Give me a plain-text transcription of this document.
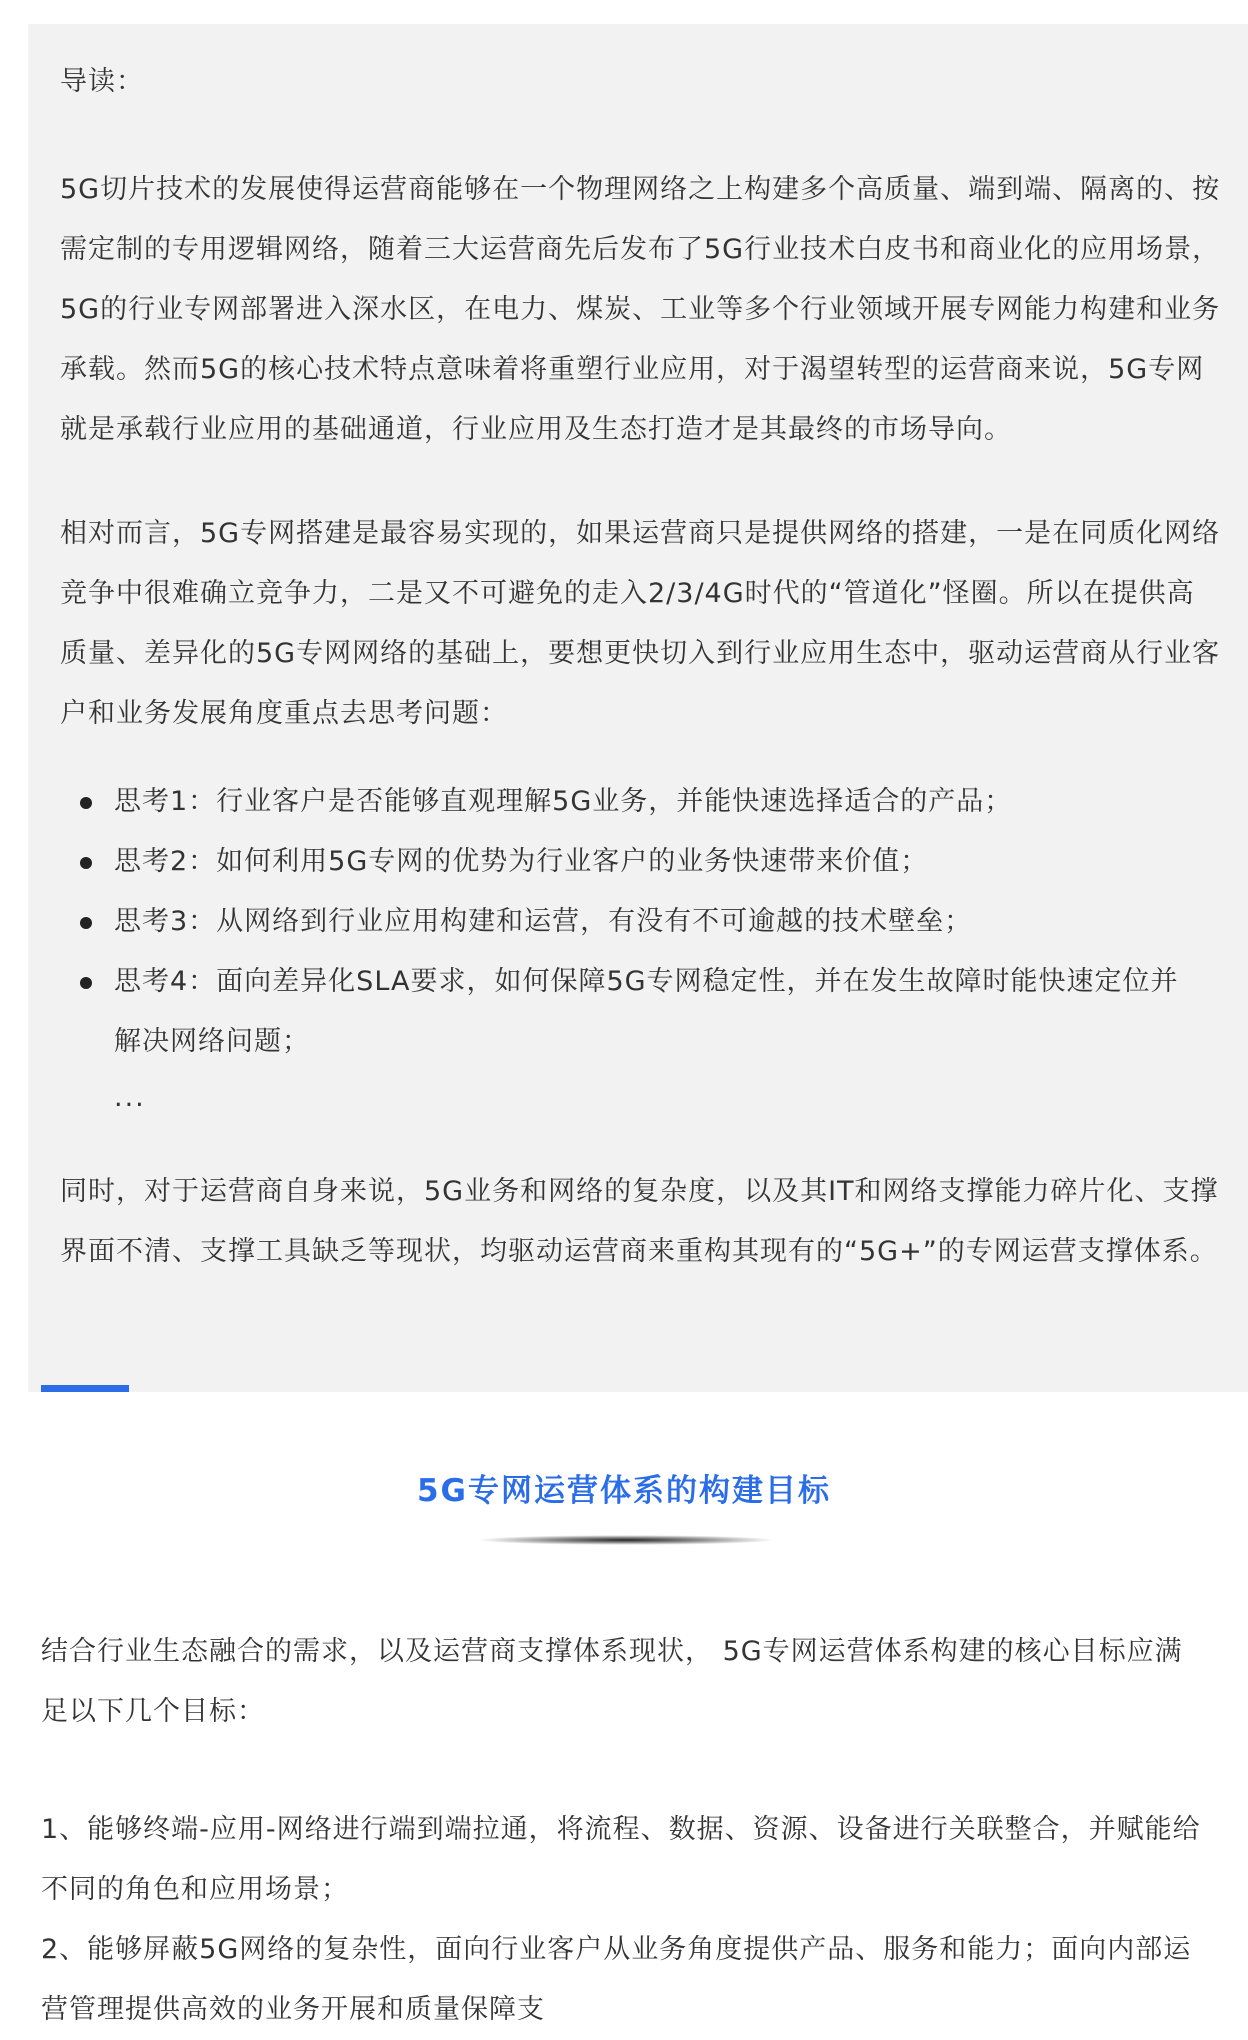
导读：

5G切片技术的发展使得运营商能够在一个物理网络之上构建多个高质量、端到端、隔离的、按

需定制的专用逻辑网络，随着三大运营商先后发布了5G行业技术白皮书和商业化的应用场景，

5G的行业专网部署进入深水区，在电力、煤炭、工业等多个行业领域开展专网能力构建和业务

承载。然而5G的核心技术特点意味着将重塑行业应用，对于渴望转型的运营商来说，5G专网

就是承载行业应用的基础通道，行业应用及生态打造才是其最终的市场导向。

相对而言，5G专网搭建是最容易实现的，如果运营商只是提供网络的搭建，一是在同质化网络

竞争中很难确立竞争力，二是又不可避免的走入2/3/4G时代的“管道化”怪圈。所以在提供高

质量、差异化的5G专网网络的基础上，要想更快切入到行业应用生态中，驱动运营商从行业客

户和业务发展角度重点去思考问题：

思考1：行业客户是否能够直观理解5G业务，并能快速选择适合的产品；
思考2：如何利用5G专网的优势为行业客户的业务快速带来价值；
思考3：从网络到行业应用构建和运营，有没有不可逾越的技术壁垒；
思考4：面向差异化SLA要求，如何保障5G专网稳定性，并在发生故障时能快速定位并
解决网络问题；
...

同时，对于运营商自身来说，5G业务和网络的复杂度，以及其IT和网络支撑能力碎片化、支撑

界面不清、支撑工具缺乏等现状，均驱动运营商来重构其现有的“5G+”的专网运营支撑体系。

5G专网运营体系的构建目标

结合行业生态融合的需求，以及运营商支撑体系现状， 5G专网运营体系构建的核心目标应满

足以下几个目标：

1、能够终端-应用-网络进行端到端拉通，将流程、数据、资源、设备进行关联整合，并赋能给

不同的角色和应用场景；

2、能够屏蔽5G网络的复杂性，面向行业客户从业务角度提供产品、服务和能力；面向内部运

营管理提供高效的业务开展和质量保障支
